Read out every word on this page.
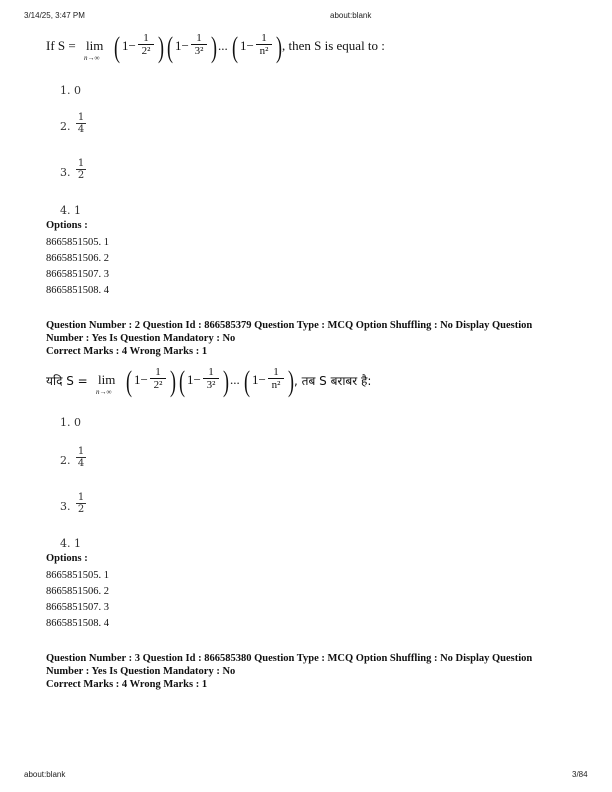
3/14/25, 3:47 PM	about:blank
If S = lim
n→∞ ( 1− 1
2² ) ( 1− 1
3² ) ... ( 1− 1
n² ) , then S is equal to :
1. 0
2.
1
4
3.
1
2
4. 1
Options :
8665851505. 1
8665851506. 2
8665851507. 3
8665851508. 4
Question Number : 2 Question Id : 866585379 Question Type : MCQ Option Shuffling : No Display Question
Number : Yes Is Question Mandatory : No
Correct Marks : 4 Wrong Marks : 1
यदि S = lim
n→∞ ( 1− 1
2² ) ( 1− 1
3² ) ... ( 1− 1
n² ) , तब S बराबर है:
1. 0
2.
1
4
3.
1
2
4. 1
Options :
8665851505. 1
8665851506. 2
8665851507. 3
8665851508. 4
Question Number : 3 Question Id : 866585380 Question Type : MCQ Option Shuffling : No Display Question
Number : Yes Is Question Mandatory : No
Correct Marks : 4 Wrong Marks : 1
about:blank	3/84
